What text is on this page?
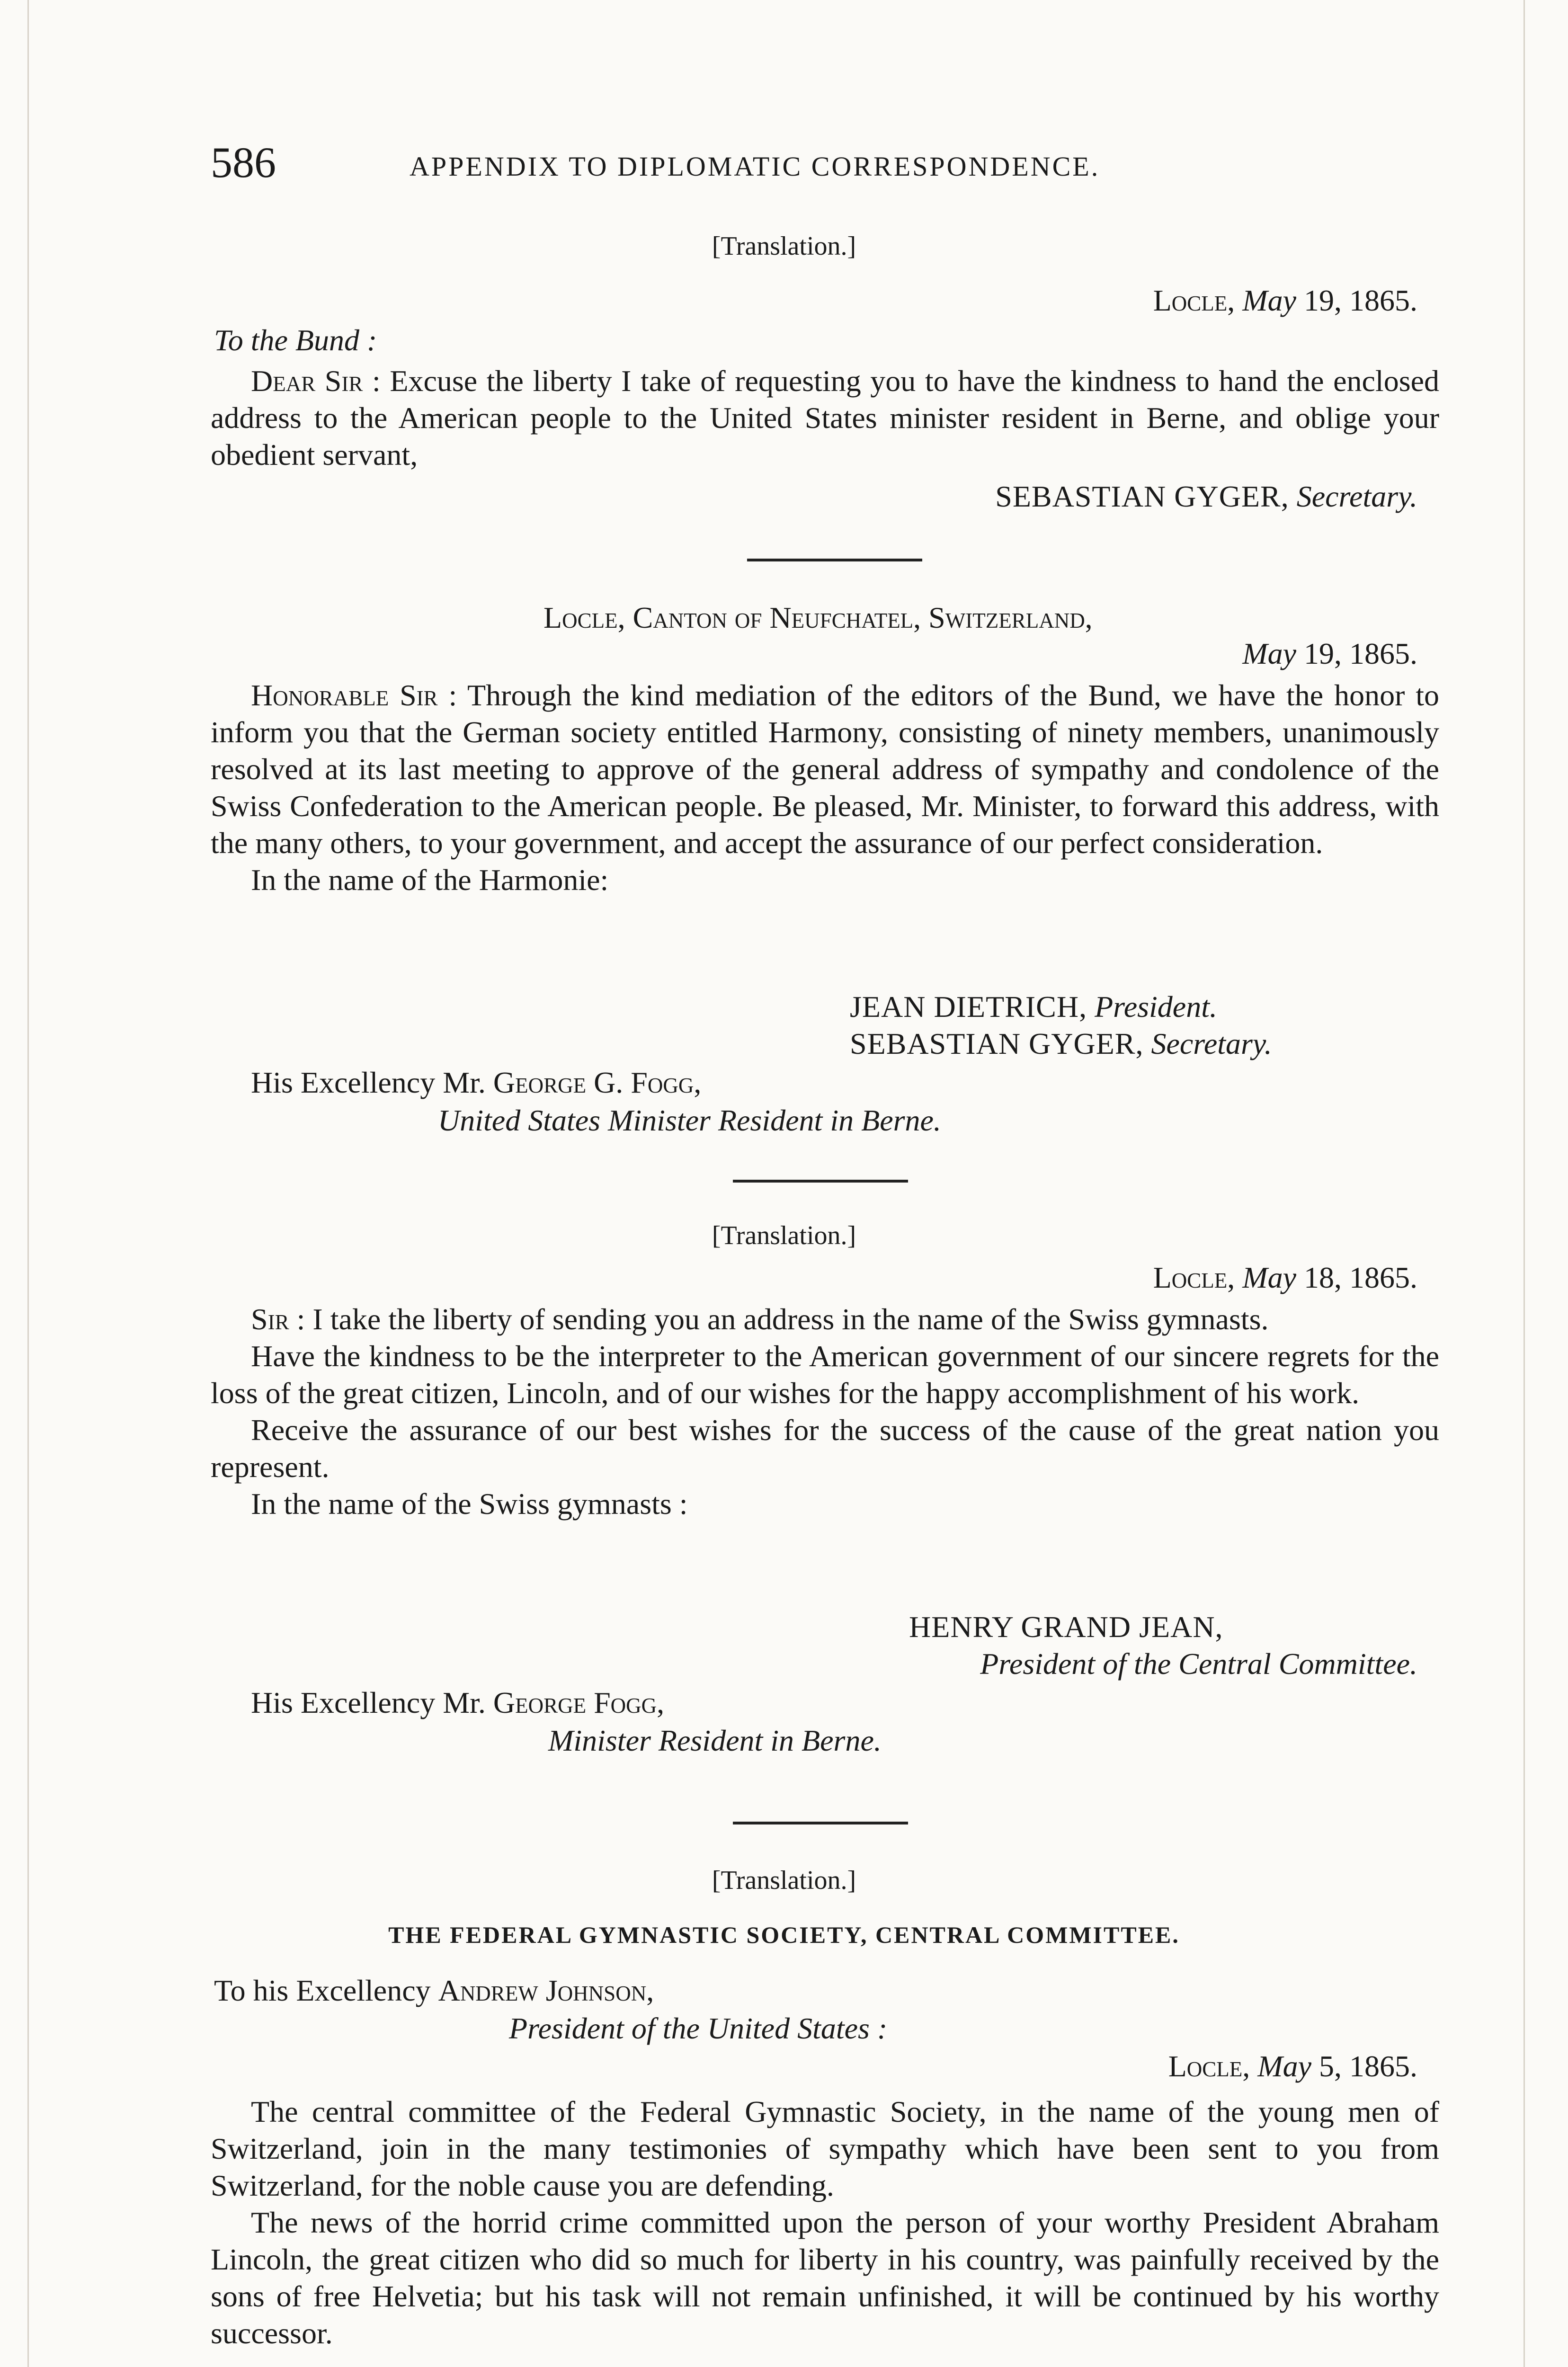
586	APPENDIX TO DIPLOMATIC CORRESPONDENCE.
[Translation.]
Locle, May 19, 1865.
To the Bund :

Dear Sir : Excuse the liberty I take of requesting you to have the kindness to hand the enclosed address to the American people to the United States minister resident in Berne, and oblige your obedient servant,

SEBASTIAN GYGER, Secretary.
Locle, Canton of Neufchatel, Switzerland,
May 19, 1865.

Honorable Sir : Through the kind mediation of the editors of the Bund, we have the honor to inform you that the German society entitled Harmony, consisting of ninety members, unanimously resolved at its last meeting to approve of the general address of sympathy and condolence of the Swiss Confederation to the American people. Be pleased, Mr. Minister, to forward this address, with the many others, to your government, and accept the assurance of our perfect consideration.

In the name of the Harmonie:

JEAN DIETRICH, President.
SEBASTIAN GYGER, Secretary.
His Excellency Mr. George G. Fogg,
United States Minister Resident in Berne.
[Translation.]
Locle, May 18, 1865.

Sir : I take the liberty of sending you an address in the name of the Swiss gymnasts.

Have the kindness to be the interpreter to the American government of our sincere regrets for the loss of the great citizen, Lincoln, and of our wishes for the happy accomplishment of his work.

Receive the assurance of our best wishes for the success of the cause of the great nation you represent.

In the name of the Swiss gymnasts :

HENRY GRAND JEAN,
President of the Central Committee.
His Excellency Mr. George Fogg,
Minister Resident in Berne.
[Translation.]
THE FEDERAL GYMNASTIC SOCIETY, CENTRAL COMMITTEE.
To his Excellency Andrew Johnson,
President of the United States :
Locle, May 5, 1865.

The central committee of the Federal Gymnastic Society, in the name of the young men of Switzerland, join in the many testimonies of sympathy which have been sent to you from Switzerland, for the noble cause you are defending.

The news of the horrid crime committed upon the person of your worthy President Abraham Lincoln, the great citizen who did so much for liberty in his country, was painfully received by the sons of free Helvetia; but his task will not remain unfinished, it will be continued by his worthy successor.
